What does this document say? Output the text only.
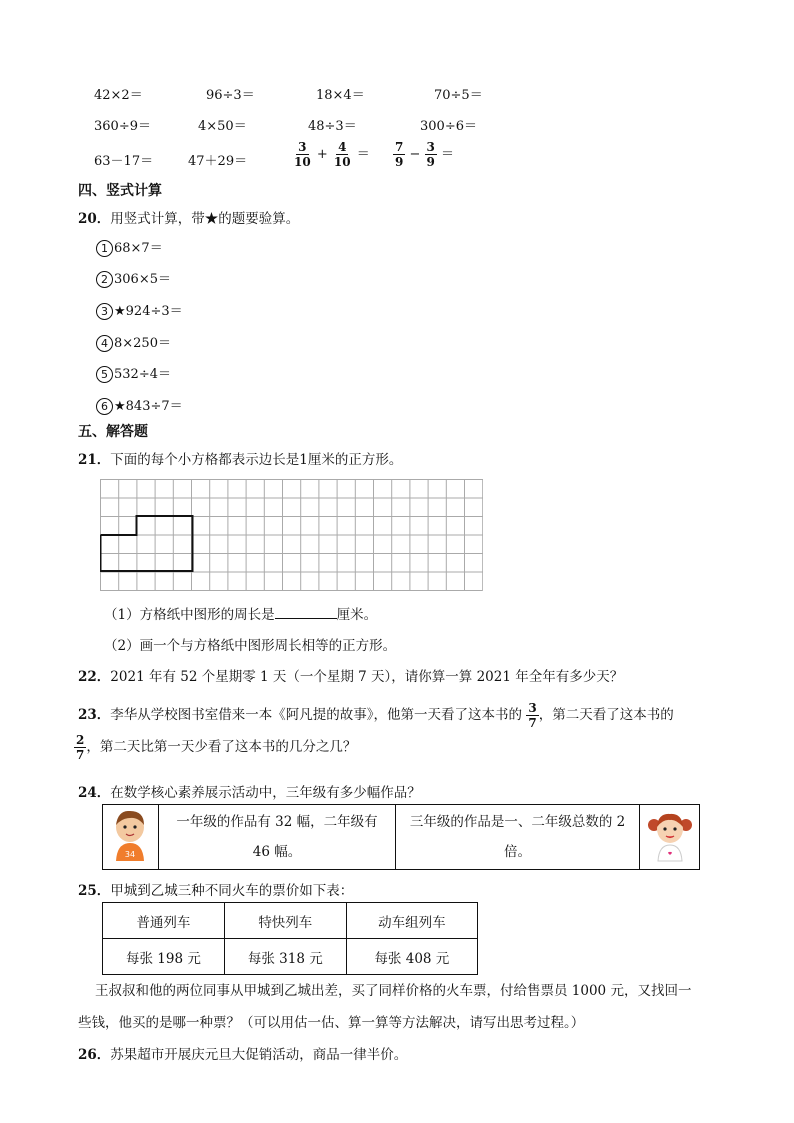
42×2＝	96÷3＝	18×4＝	70÷5＝
360÷9＝	4×50＝	48÷3＝	300÷6＝
63－17＝	47＋29＝	$\frac{3}{10} + \frac{4}{10} = \frac{7}{9} - \frac{3}{9}$ ＝
四、竖式计算
20．用竖式计算，带★的题要验算。
1 68×7＝
2 306×5＝
3 ★924÷3＝
4 8×250＝
5 532÷4＝
6 ★843÷7＝
五、解答题
21．下面的每个小方格都表示边长是1厘米的正方形。
（1）方格纸中图形的周长是	厘米。
（2）画一个与方格纸中图形周长相等的正方形。
22．2021 年有 52 个星期零 1 天（一个星期 7 天），请你算一算 2021 年全年有多少天？
23．李华从学校图书室借来一本《阿凡提的故事》，他第一天看了这本书的 $\frac{3}{7}$ ，第二天看了这本书的
$\frac{2}{7}$ ，第二天比第一天少看了这本书的几分之几？
24．在数学核心素养展示活动中，三年级有多少幅作品？
34

一年级的作品有 32 幅，二年级有
46 幅。

三年级的作品是一、二年级总数的 2
倍。

25．甲城到乙城三种不同火车的票价如下表：
普通列车	特快列车	动车组列车
每张 198 元	每张 318 元	每张 408 元
王叔叔和他的两位同事从甲城到乙城出差，买了同样价格的火车票，付给售票员 1000 元，又找回一
些钱，他买的是哪一种票？（可以用估一估、算一算等方法解决，请写出思考过程。）
26．苏果超市开展庆元旦大促销活动，商品一律半价。
